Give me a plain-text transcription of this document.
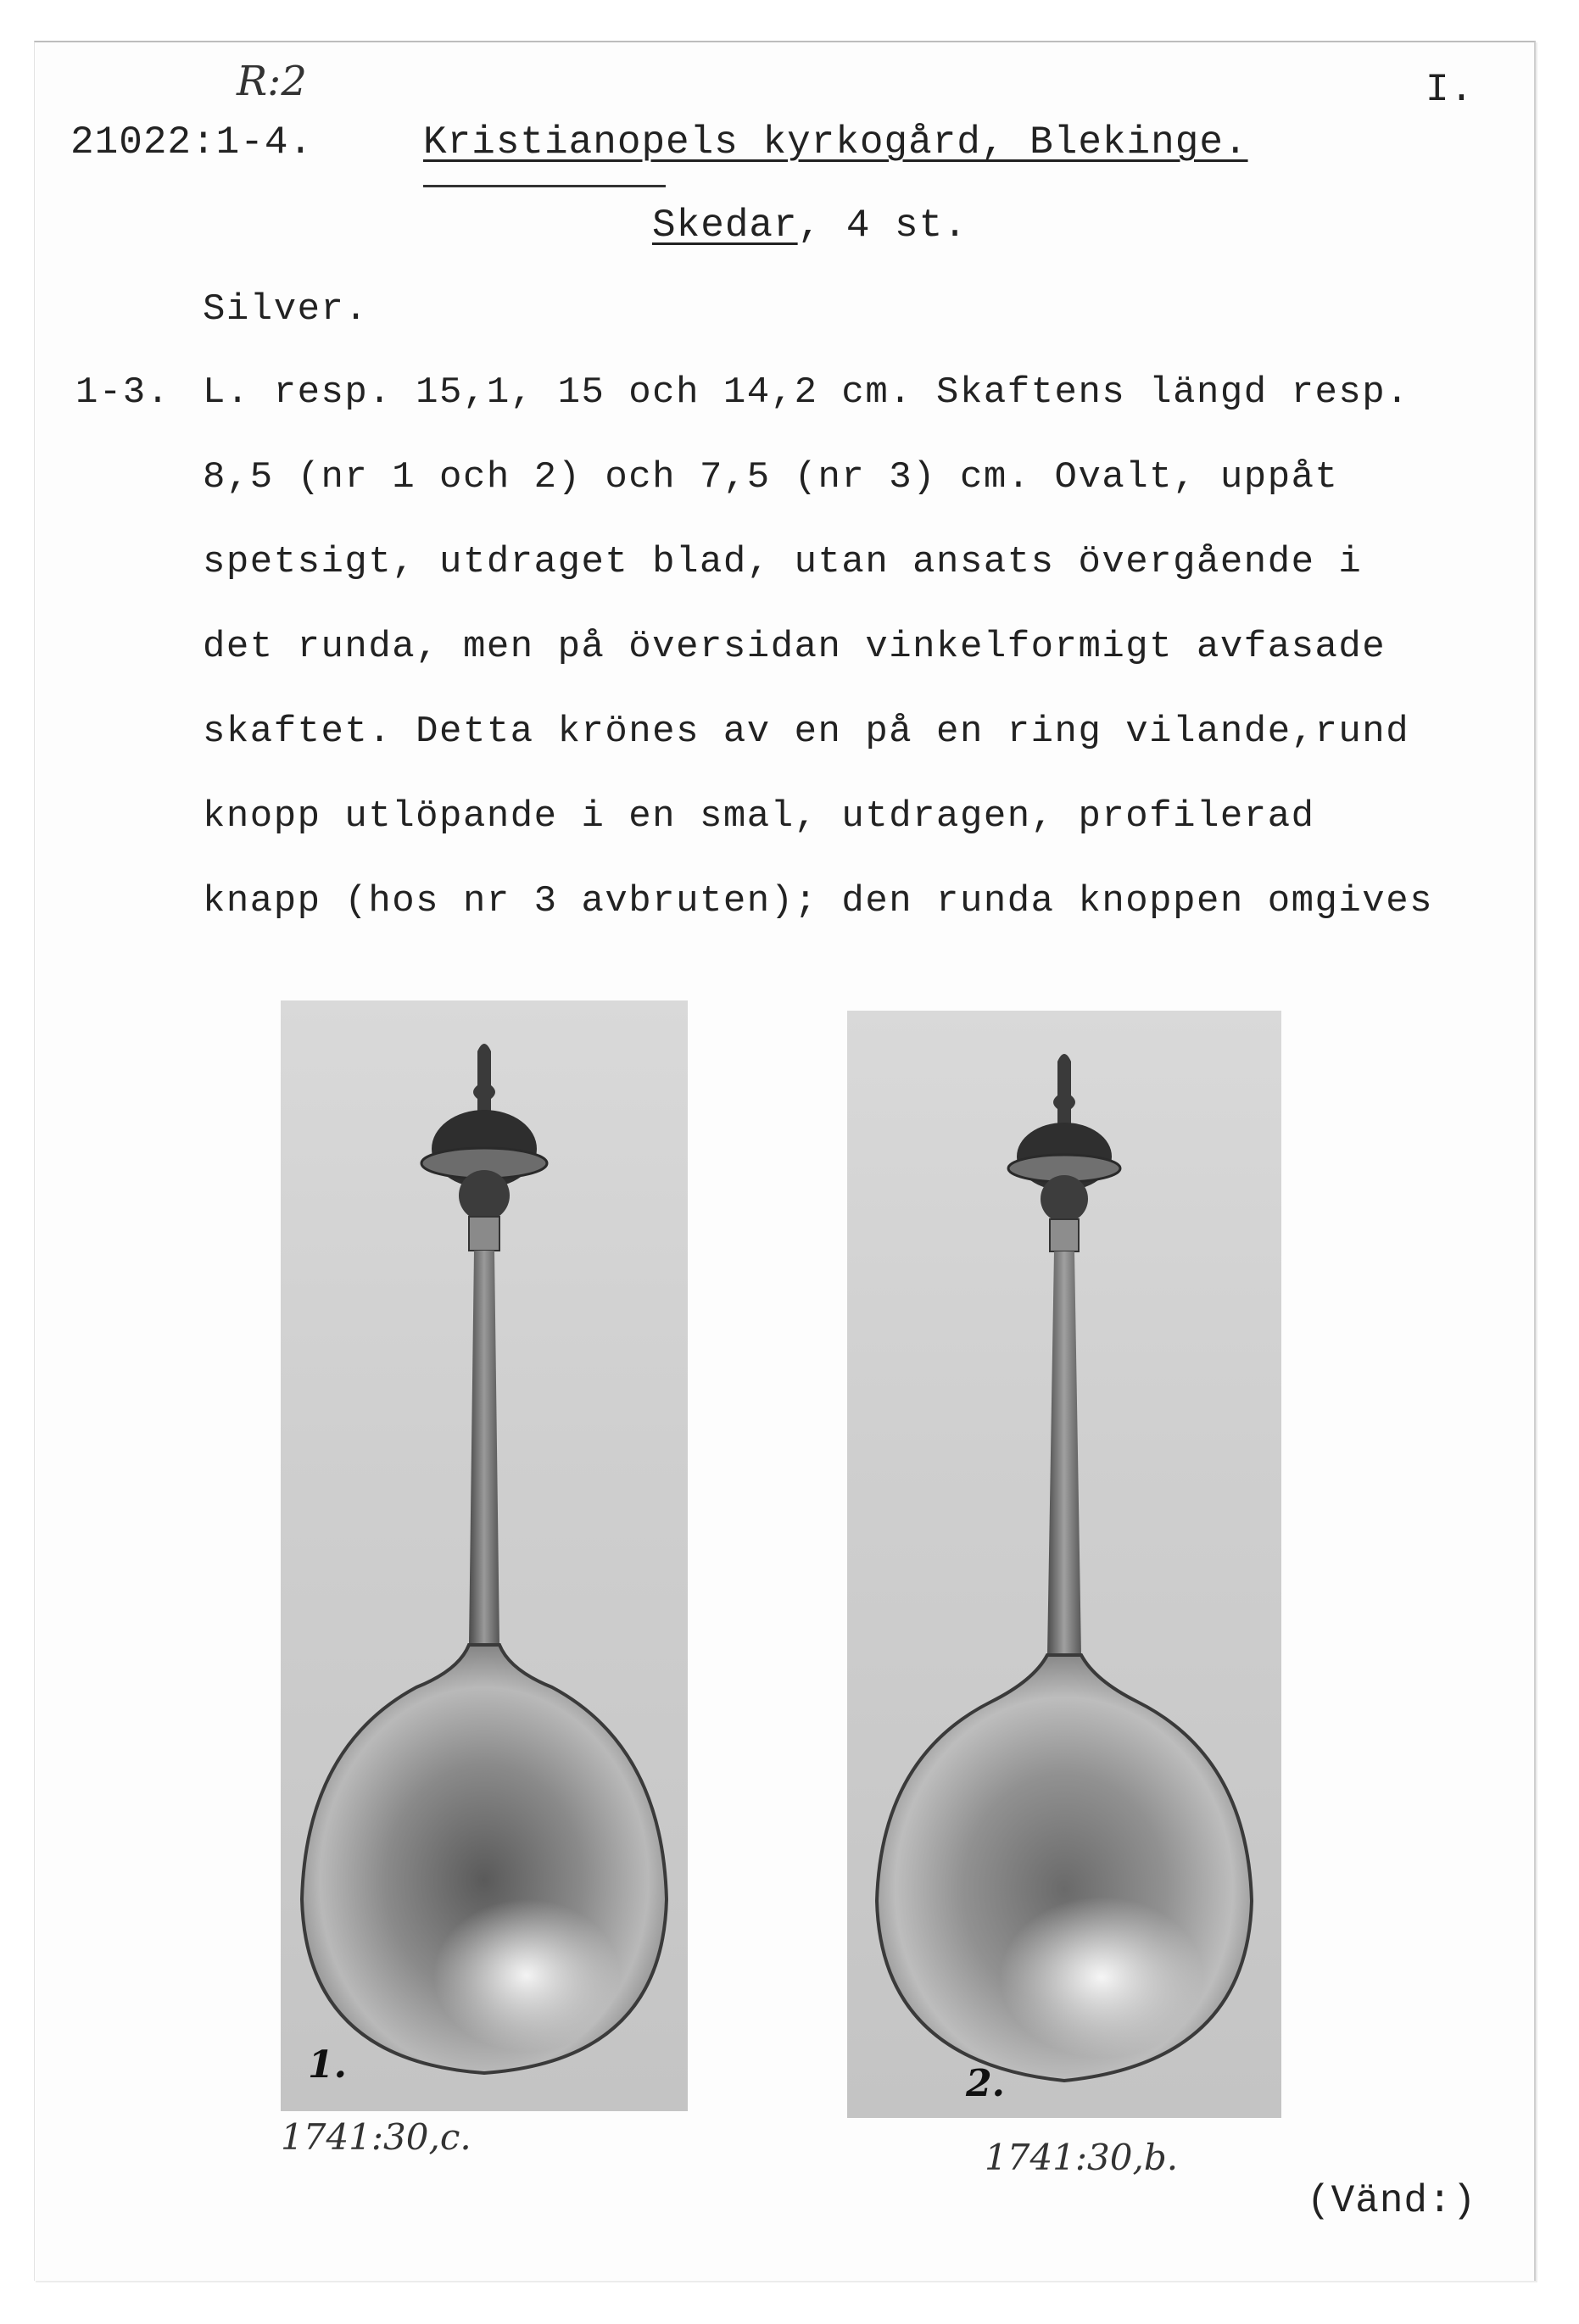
R:2	I.
21022:1-4.	Kristianopels kyrkogård, Blekinge.
Skedar, 4 st.
Silver.
1-3. L. resp. 15,1, 15 och 14,2 cm. Skaftens längd resp.
8,5 (nr 1 och 2) och 7,5 (nr 3) cm. Ovalt, uppåt
spetsigt, utdraget blad, utan ansats övergående i
det runda, men på översidan vinkelformigt avfasade
skaftet. Detta krönes av en på en ring vilande,rund
knopp utlöpande i en smal, utdragen, profilerad
knapp (hos nr 3 avbruten); den runda knoppen omgives
1.
1741:30,c.
2.
1741:30,b.
(Vänd:)
